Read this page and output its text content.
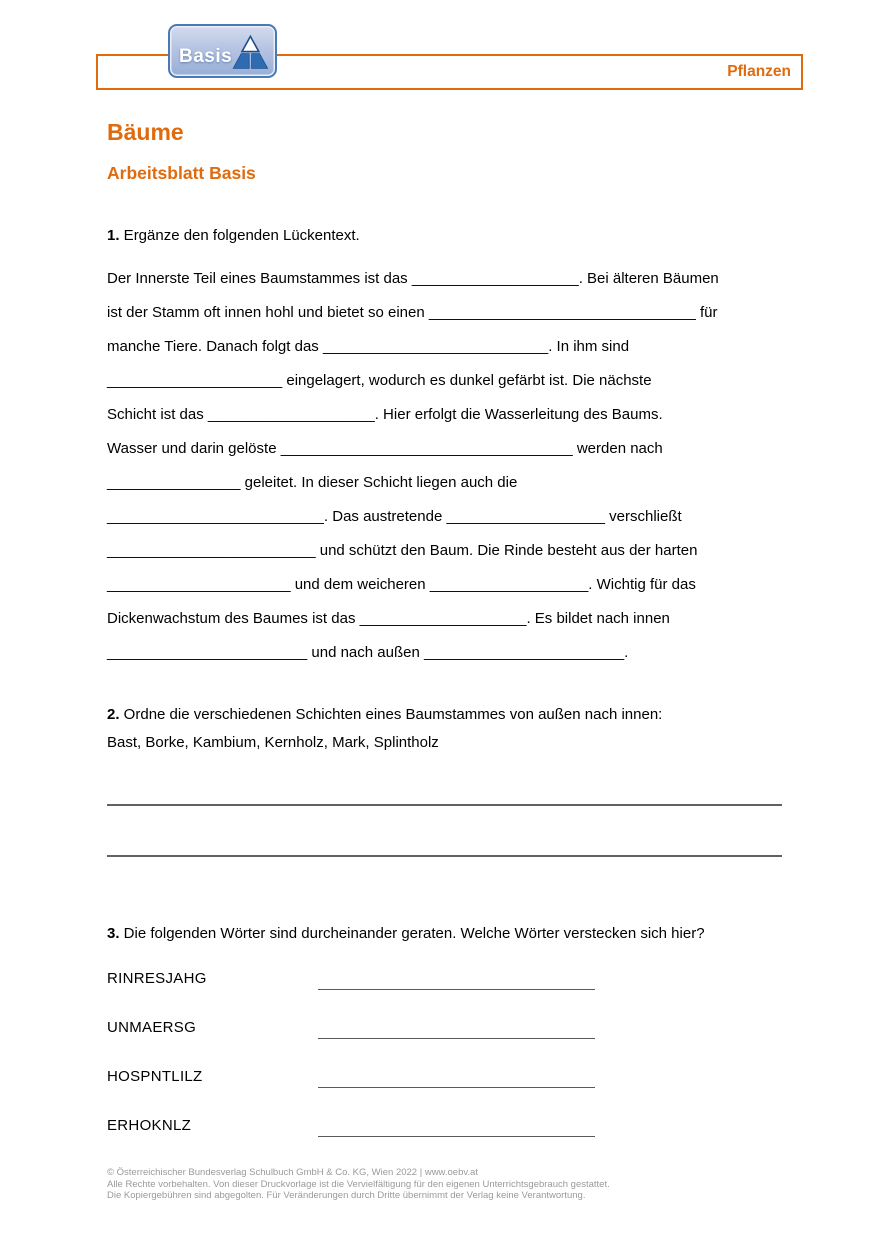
Pflanzen
Basis
Bäume
Arbeitsblatt Basis
1. Ergänze den folgenden Lückentext.
Der Innerste Teil eines Baumstammes ist das ____________________. Bei älteren Bäumen
ist der Stamm oft innen hohl und bietet so einen ________________________________ für
manche Tiere. Danach folgt das ___________________________. In ihm sind
_____________________ eingelagert, wodurch es dunkel gefärbt ist. Die nächste
Schicht ist das ____________________. Hier erfolgt die Wasserleitung des Baums.
Wasser und darin gelöste ___________________________________ werden nach
________________ geleitet. In dieser Schicht liegen auch die
__________________________. Das austretende ___________________ verschließt
_________________________ und schützt den Baum. Die Rinde besteht aus der harten
______________________ und dem weicheren ___________________. Wichtig für das
Dickenwachstum des Baumes ist das ____________________. Es bildet nach innen
________________________ und nach außen ________________________.
2. Ordne die verschiedenen Schichten eines Baumstammes von außen nach innen:
Bast, Borke, Kambium, Kernholz, Mark, Splintholz
3. Die folgenden Wörter sind durcheinander geraten. Welche Wörter verstecken sich hier?
RINRESJAHG
UNMAERSG
HOSPNTLILZ
ERHOKNLZ
© Österreichischer Bundesverlag Schulbuch GmbH & Co. KG, Wien 2022 | www.oebv.at
Alle Rechte vorbehalten. Von dieser Druckvorlage ist die Vervielfältigung für den eigenen Unterrichtsgebrauch gestattet.
Die Kopiergebühren sind abgegolten. Für Veränderungen durch Dritte übernimmt der Verlag keine Verantwortung.
